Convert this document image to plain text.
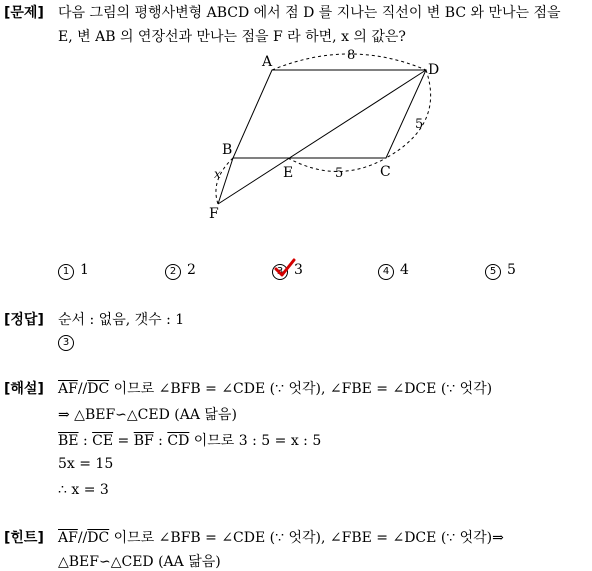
[문제] 다음 그림의 평행사변형 ABCD 에서 점 D 를 지나는 직선이 변 BC 와 만나는 점을
E, 변 AB 의 연장선과 만나는 점을 F 라 하면, x 의 값은?
A	D
B
C
E
F
8
5
5
x
1 1	2 2	3 3	4 4	5 5
[정답] 순서 : 없음, 갯수 : 1
3
[해설] $\overline{AF}//\overline{DC}$ 이므로 ∠BFB = ∠CDE (∵ 엇각), ∠FBE = ∠DCE (∵ 엇각)
⇒ △BEF∽△CED (AA 닮음)
$\overline{BE}$ : $\overline{CE} = \overline{BF}$ : $\overline{CD}$ 이므로 3 : 5 = x : 5
5x = 15
∴ x = 3
[힌트] $\overline{AF}//\overline{DC}$ 이므로 ∠BFB = ∠CDE (∵ 엇각), ∠FBE = ∠DCE (∵ 엇각)⇒
△BEF∽△CED (AA 닮음)
